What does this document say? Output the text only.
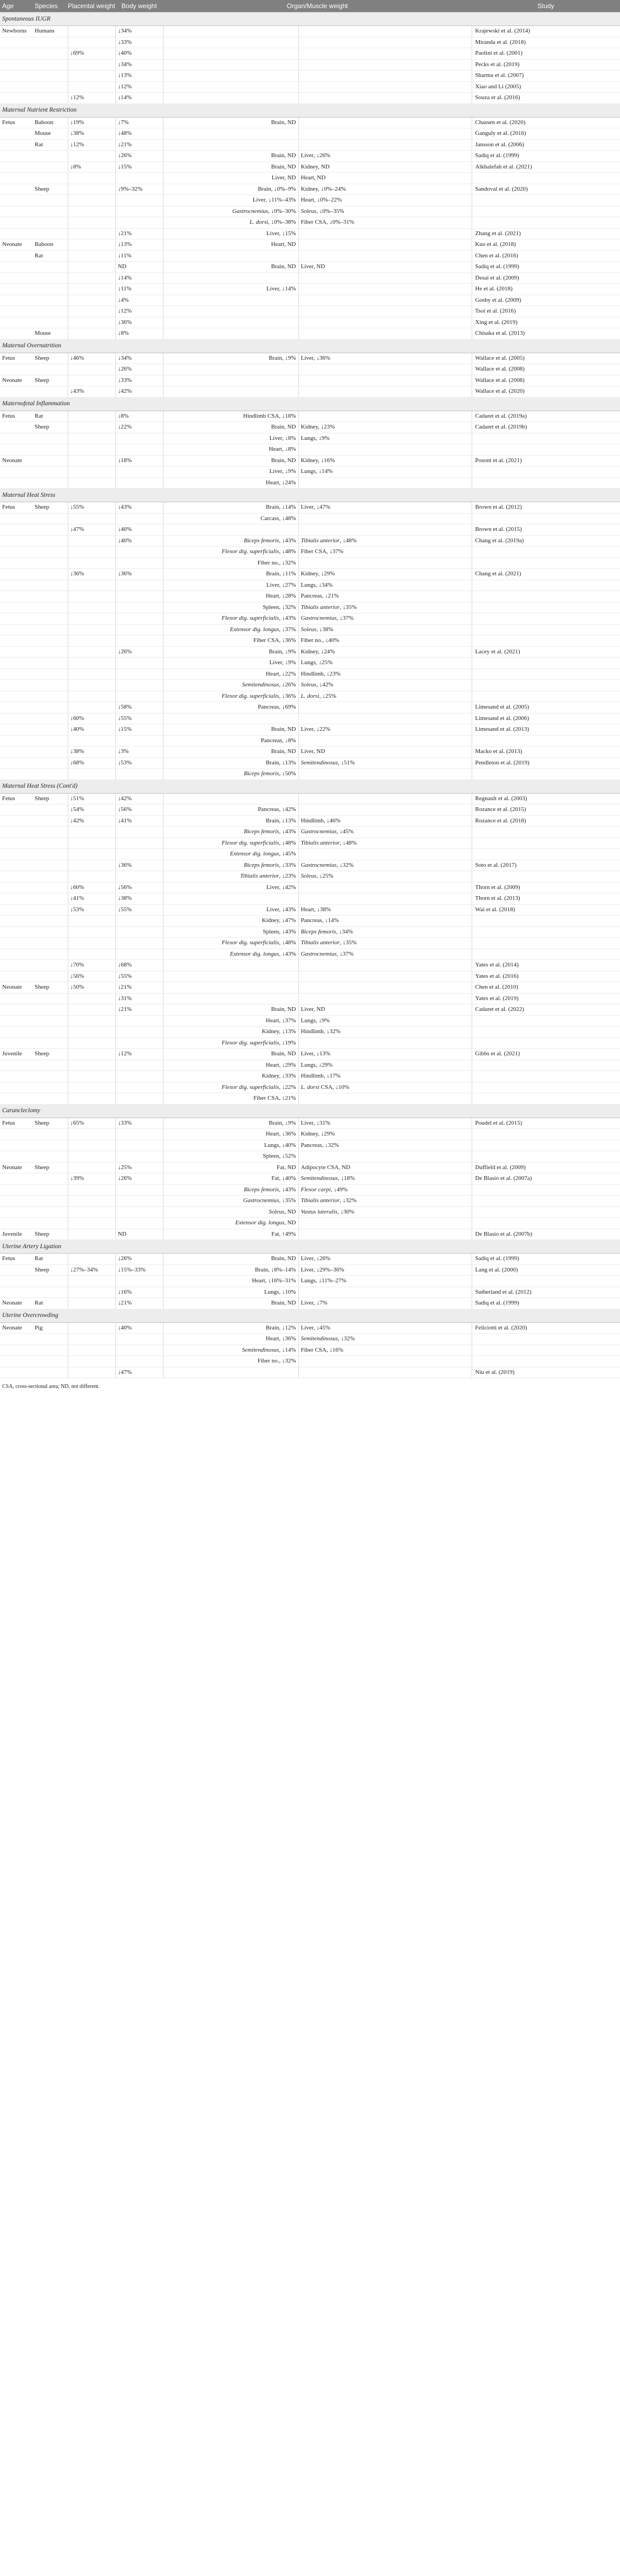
Age	Species	Placental weight	Body weight	Organ/Muscle weight		Study
Spontaneous IUGR						
Newborns	Humans		↓34%			Krajewski et al. (2014)
			↓33%			Miranda et al. (2018)
		↓69%	↓40%			Paolini et al. (2001)
			↓34%			Pecks et al. (2019)
			↓13%			Sharma et al. (2007)
			↓12%			Xiao and Li (2005)
		↓12%	↓14%			Souza et al. (2016)
Maternal Nutrient Restriction						
Fetus	Baboon	↓19%	↓7%	Brain, ND		Chassen et al. (2020)
	Mouse	↓38%	↓48%			Ganguly et al. (2016)
	Rat	↓12%	↓21%			Jansson et al. (2006)
			↓26%	Brain, ND	Liver, ↓26%	Sadiq et al. (1999)
		↓8%	↓15%	Brain, ND	Kidney, ND	Alkhalefah et al. (2021)
				Liver, ND	Heart, ND	
	Sheep		↓9%–32%	Brain, ↓0%–9%	Kidney, ↓0%–24%	Sandoval et al. (2020)
				Liver, ↓11%–43%	Heart, ↓0%–22%	
				Gastrocnemius, ↓0%–30%	Soleus, ↓0%–35%	
				L. dorsi, ↓0%–38%	Fiber CSA, ↓0%–31%	
			↓21%	Liver, ↓15%		Zhang et al. (2021)
Neonate	Baboon		↓13%	Heart, ND		Kuo et al. (2018)
	Rat		↓11%			Chen et al. (2016)
			ND	Brain, ND	Liver, ND	Sadiq et al. (1999)
			↓14%			Desai et al. (2009)
			↓11%	Liver, ↓14%		He et al. (2018)
			↓4%			Gosby et al. (2009)
			↓12%			Tsoi et al. (2016)
			↓36%			Xing et al. (2019)
	Mouse		↓8%			Chisaka et al. (2013)
Maternal Overnutrition						
Fetus	Sheep	↓46%	↓34%	Brain, ↓9%	Liver, ↓36%	Wallace et al. (2005)
			↓26%			Wallace et al. (2008)
Neonate	Sheep		↓33%			Wallace et al. (2008)
		↓43%	↓42%			Wallace et al. (2020)
Maternofetal Inflammation						
Fetus	Rat		↓8%	Hindlimb CSA, ↓18%		Cadaret et al. (2019a)
	Sheep		↓22%	Brain, ND	Kidney, ↓23%	Cadaret et al. (2019b)
				Liver, ↓8%	Lungs, ↓9%	
				Heart, ↓8%		
Neonate			↓18%	Brain, ND	Kidney, ↓16%	Posont et al. (2021)
				Liver, ↓9%	Lungs, ↓14%	
				Heart, ↓24%		
Maternal Heat Stress						
Fetus	Sheep	↓55%	↓43%	Brain, ↓14%	Liver, ↓47%	Brown et al. (2012)
				Carcass, ↓48%		
		↓47%	↓40%			Brown et al. (2015)
			↓40%	Biceps femoris, ↓43%	Tibialis anterior, ↓48%	Chang et al. (2019a)
				Flexor dig. superficialis, ↓48%	Fiber CSA, ↓37%	
				Fiber no., ↓32%		
		↓36%	↓36%	Brain, ↓11%	Kidney, ↓29%	Chang et al. (2021)
				Liver, ↓27%	Lungs, ↓34%	
				Heart, ↓28%	Pancreas, ↓21%	
				Spleen, ↓32%	Tibialis anterior, ↓35%	
				Flexor dig. superficialis, ↓43%	Gastrocnemius, ↓37%	
				Extensor dig. longus, ↓37%	Soleus, ↓38%	
				Fiber CSA, ↓36%	Fiber no., ↓40%	
			↓26%	Brain, ↓9%	Kidney, ↓24%	Lacey et al. (2021)
				Liver, ↓9%	Lungs, ↓25%	
				Heart, ↓22%	Hindlimb, ↓23%	
				Semitendinosus, ↓26%	Soleus, ↓42%	
				Flexor dig. superficialis, ↓36%	L. dorsi, ↓25%	
			↓58%	Pancreas, ↓69%		Limesand et al. (2005)
		↓60%	↓55%			Limesand et al. (2006)
		↓40%	↓15%	Brain, ND	Liver, ↓22%	Limesand et al. (2013)
				Pancreas, ↓8%		
		↓38%	↓3%	Brain, ND	Liver, ND	Macko et al. (2013)
		↓68%	↓53%	Brain, ↓13%	Semitendinosus, ↓51%	Pendleton et al. (2019)
				Biceps femoris, ↓50%		
Maternal Heat Stress (Cont'd)						
Fetus	Sheep	↓51%	↓42%			Regnault et al. (2003)
		↓54%	↓56%	Pancreas, ↓42%		Rozance et al. (2015)
		↓42%	↓41%	Brain, ↓13%	Hindlimb, ↓46%	Rozance et al. (2018)
				Biceps femoris, ↓43%	Gastrocnemius, ↓45%	
				Flexor dig. superficialis, ↓48%	Tibialis anterior, ↓48%	
				Extensor dig. longus, ↓45%		
			↓36%	Biceps femoris, ↓33%	Gastrocnemius, ↓32%	Soto et al. (2017)
				Tibialis anterior, ↓23%	Soleus, ↓25%	
		↓60%	↓56%	Liver, ↓42%		Thorn et al. (2009)
		↓41%	↓38%			Thorn et al. (2013)
		↓53%	↓55%	Liver, ↓43%	Heart, ↓38%	Wai et al. (2018)
				Kidney, ↓47%	Pancreas, ↓14%	
				Spleen, ↓43%	Biceps femoris, ↓34%	
				Flexor dig. superficialis, ↓48%	Tibialis anterior, ↓35%	
				Extensor dig. longus, ↓43%	Gastrocnemius, ↓37%	
		↓70%	↓68%			Yates et al. (2014)
		↓56%	↓55%			Yates et al. (2016)
Neonate	Sheep	↓50%	↓21%			Chen et al. (2010)
			↓31%			Yates et al. (2019)
			↓21%	Brain, ND	Liver, ND	Cadaret et al. (2022)
				Heart, ↓37%	Lungs, ↓9%	
				Kidney, ↓13%	Hindlimb, ↓32%	
				Flexor dig. superficialis, ↓19%		
Juvenile	Sheep		↓12%	Brain, ND	Liver, ↓13%	Gibbs et al. (2021)
				Heart, ↓29%	Lungs, ↓29%	
				Kidney, ↓33%	Hindlimb, ↓17%	
				Flexor dig. superficialis, ↓22%	L. dorsi CSA, ↓10%	
				Fiber CSA, ↓21%		
Caruncleclomy						
Fetus	Sheep	↓65%	↓33%	Brain, ↓9%	Liver, ↓31%	Poudel et al. (2015)
				Heart, ↓36%	Kidney, ↓29%	
				Lungs, ↓40%	Pancreas, ↓32%	
				Spleen, ↓52%		
Neonate	Sheep		↓25%	Fat, ND	Adipocyte CSA, ND	Duffield et al. (2009)
		↓39%	↓26%	Fat, ↓40%	Semitendinosus, ↓18%	De Blasio et al. (2007a)
				Biceps femoris, ↓43%	Flexor carpi, ↓49%	
				Gastrocnemius, ↓35%	Tibialis anterior, ↓32%	
				Soleus, ND	Vastus lateralis, ↓30%	
				Extensor dig. longus, ND		
Juvenile	Sheep		ND	Fat, ↑49%		De Blasio et al. (2007b)
Uterine Artery Ligation						
Fetus	Rat		↓26%	Brain, ND	Liver, ↓26%	Sadiq et al. (1999)
	Sheep	↓27%–34%	↓15%–33%	Brain, ↓8%–14%	Liver, ↓29%–36%	Lang et al. (2000)
				Heart, ↓16%–31%	Lungs, ↓11%–27%	
			↓16%	Lungs, ↓10%		Sutherland et al. (2012)
Neonate	Rat		↓21%	Brain, ND	Liver, ↓7%	Sadiq et al. (1999)
Uterine Overcrowding						
Neonate	Pig		↓40%	Brain, ↓12%	Liver, ↓45%	Feliciotti et al. (2020)
				Heart, ↓36%	Semitendinosus, ↓32%	
				Semitendinosus, ↓14%	Fiber CSA, ↓16%	
				Fiber no., ↓32%		
			↓47%			Niu et al. (2019)
CSA, cross-sectional area; ND, not different.
